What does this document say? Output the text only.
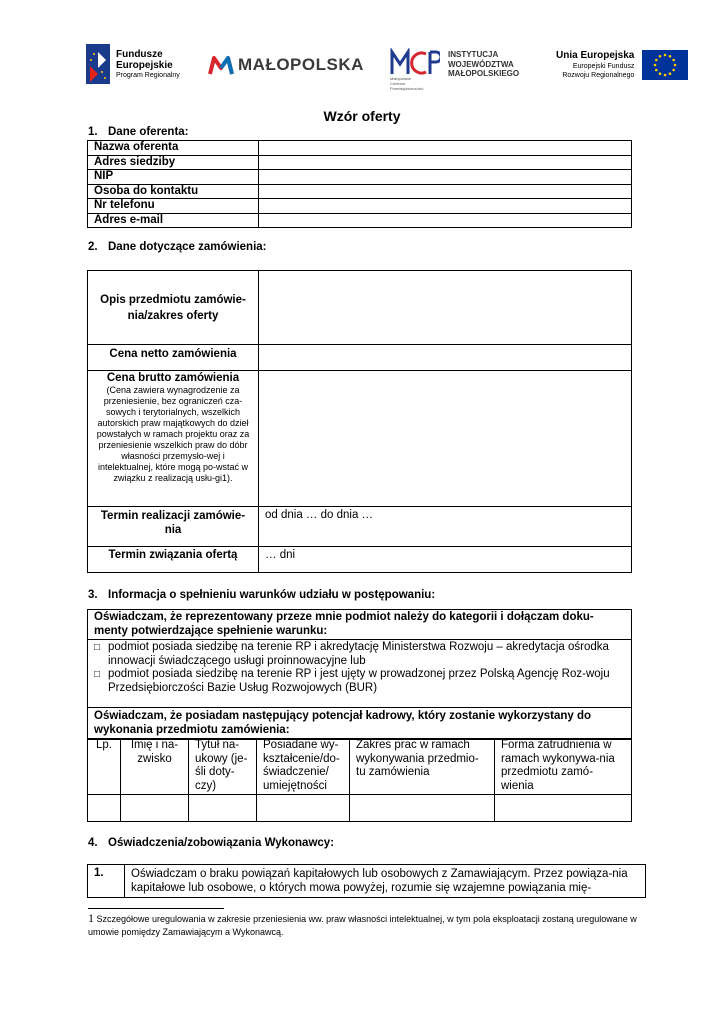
Fundusze
Europejskie
Program Regionalny
MAŁOPOLSKA
Małopolskie
Centrum
Przedsiębiorczości
INSTYTUCJA
WOJEWÓDZTWA
MAŁOPOLSKIEGO
Unia Europejska
Europejski Fundusz
Rozwoju Regionalnego
Wzór oferty
1. Dane oferenta:
Nazwa oferenta	
Adres siedziby	
NIP	
Osoba do kontaktu	
Nr telefonu	
Adres e-mail	
2. Dane dotyczące zamówienia:
Opis przedmiotu zamówie-nia/zakres oferty	
Cena netto zamówienia	
Cena brutto zamówienia
(Cena zawiera wynagrodzenie za przeniesienie, bez ograniczeń cza-sowych i terytorialnych, wszelkich autorskich praw majątkowych do dzieł powstałych w ramach projektu oraz za przeniesienie wszelkich praw do dóbr własności przemysło-wej i intelektualnej, które mogą po-wstać w związku z realizacją usłu-gi1).	

Termin realizacji zamówie-nia	od dnia … do dnia …
Termin związania ofertą	… dni
3. Informacja o spełnieniu warunków udziału w postępowaniu:
Oświadczam, że reprezentowany przeze mnie podmiot należy do kategorii i dołączam doku-menty potwierdzające spełnienie warunku:

□ podmiot posiada siedzibę na terenie RP i akredytację Ministerstwa Rozwoju – akredytacja ośrodka innowacji świadczącego usługi proinnowacyjne lub
□ podmiot posiada siedzibę na terenie RP i jest ujęty w prowadzonej przez Polską Agencję Roz-woju Przedsiębiorczości Bazie Usług Rozwojowych (BUR)

Oświadczam, że posiadam następujący potencjał kadrowy, który zostanie wykorzystany do wykonania przedmiotu zamówienia:
Lp.	Imię i na-zwisko	Tytuł na-ukowy (je-śli doty-czy)	Posiadane wy-kształcenie/do-świadczenie/ umiejętności	Zakres prac w ramach wykonywania przedmio-tu zamówienia	Forma zatrudnienia w ramach wykonywa-nia przedmiotu zamó-wienia

4. Oświadczenia/zobowiązania Wykonawcy:
1.	Oświadczam o braku powiązań kapitałowych lub osobowych z Zamawiającym. Przez powiąza-nia kapitałowe lub osobowe, o których mowa powyżej, rozumie się wzajemne powiązania mię-
1 Szczegółowe uregulowania w zakresie przeniesienia ww. praw własności intelektualnej, w tym pola eksploatacji zostaną uregulowane w umowie pomiędzy Zamawiającym a Wykonawcą.
